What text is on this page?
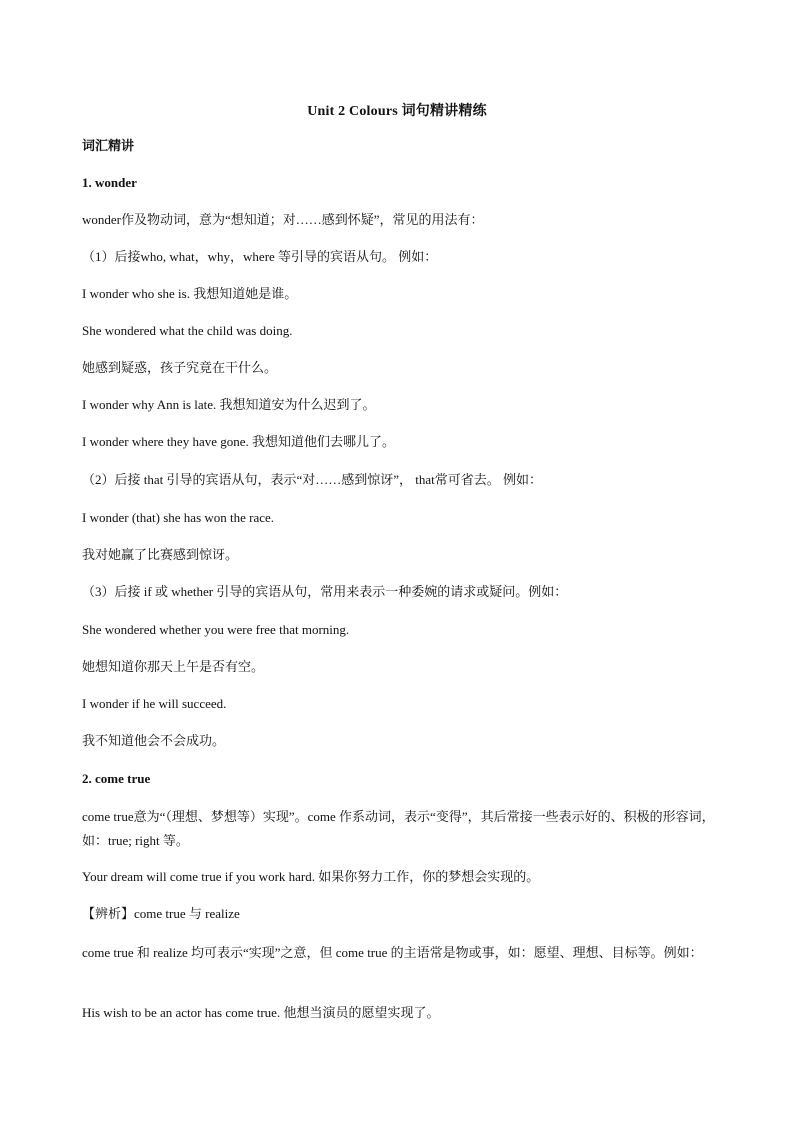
Unit 2 Colours 词句精讲精练
词汇精讲
1. wonder
wonder作及物动词，意为“想知道；对……感到怀疑”，常见的用法有：
（1）后接who, what，why，where 等引导的宾语从句。 例如：
I wonder who she is. 我想知道她是谁。
She wondered what the child was doing.
她感到疑惑，孩子究竟在干什么。
I wonder why Ann is late. 我想知道安为什么迟到了。
I wonder where they have gone. 我想知道他们去哪儿了。
（2）后接 that 引导的宾语从句，表示“对……感到惊讶”， that常可省去。 例如：
I wonder (that) she has won the race.
我对她赢了比赛感到惊讶。
（3）后接 if 或 whether 引导的宾语从句，常用来表示一种委婉的请求或疑问。例如：
She wondered whether you were free that morning.
她想知道你那天上午是否有空。
I wonder if he will succeed.
我不知道他会不会成功。
2. come true
come true意为“（理想、梦想等）实现”。come 作系动词，表示“变得”，其后常接一些表示好的、积极的形容词，如：true; right 等。
Your dream will come true if you work hard. 如果你努力工作，你的梦想会实现的。
【辨析】come true 与 realize
come true 和 realize 均可表示“实现”之意，但 come true 的主语常是物或事，如：愿望、理想、目标等。例如：
His wish to be an actor has come true. 他想当演员的愿望实现了。
